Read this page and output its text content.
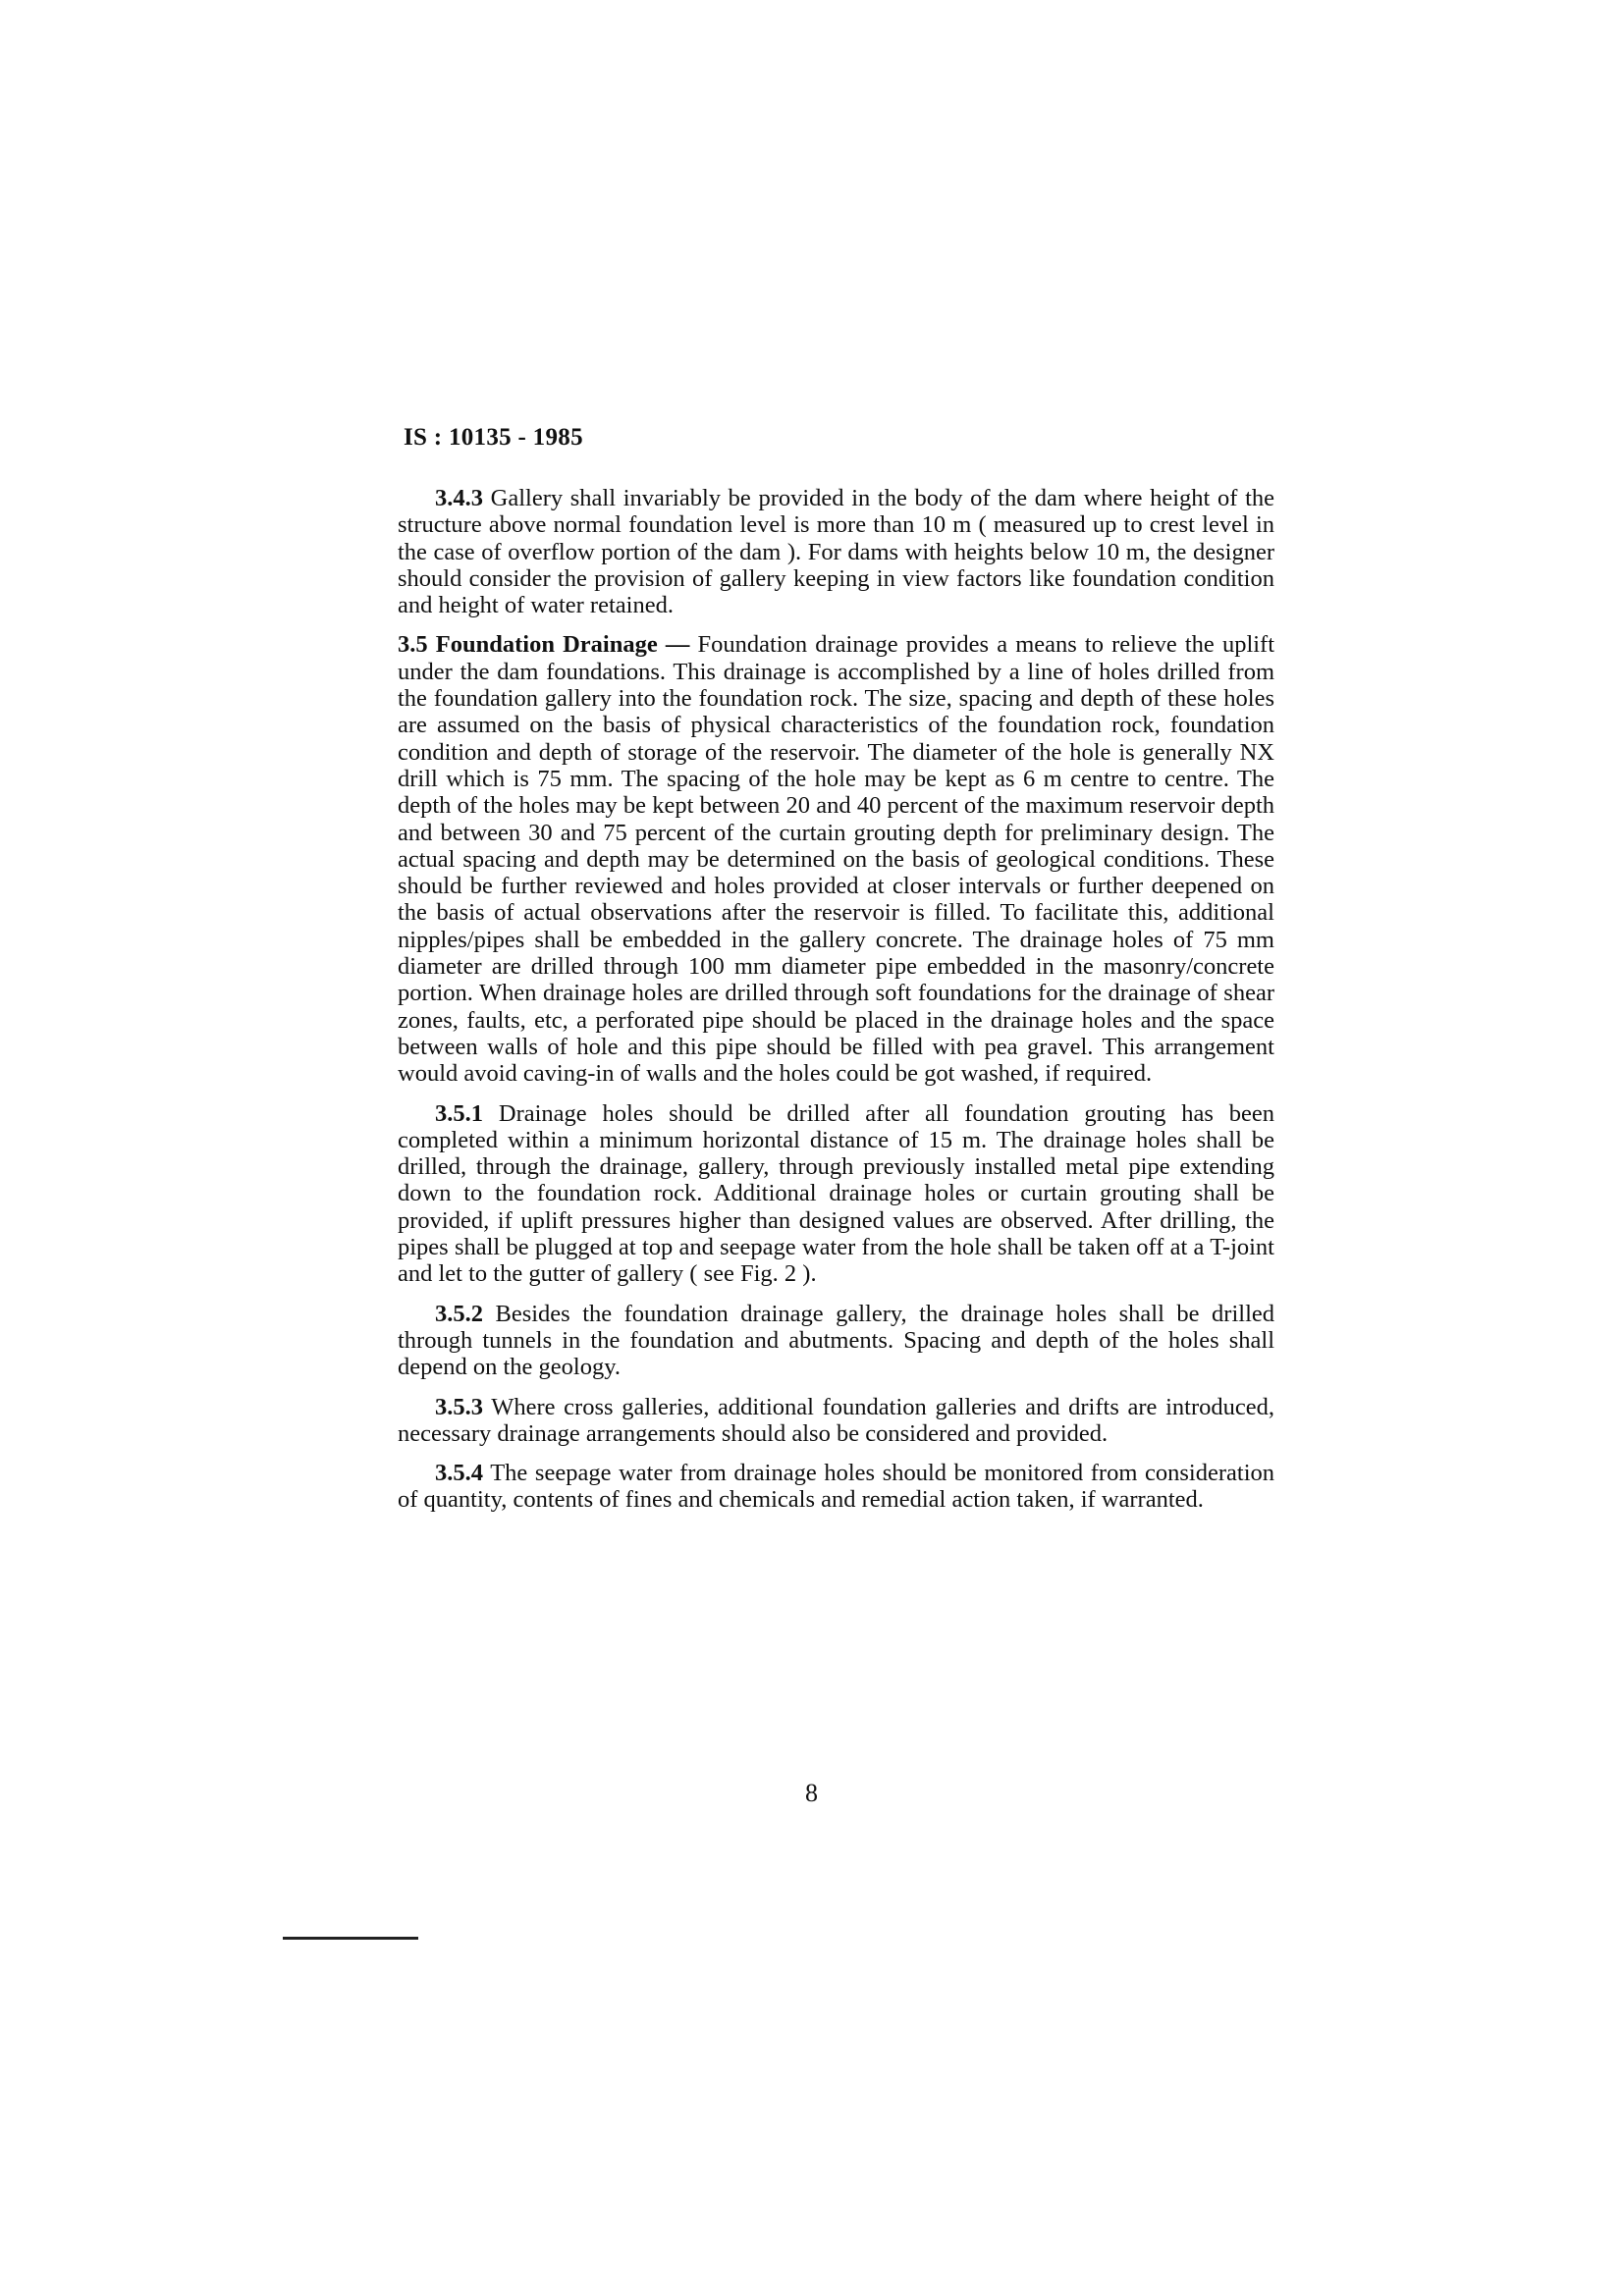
IS : 10135 - 1985

3.4.3 Gallery shall invariably be provided in the body of the dam where height of the structure above normal foundation level is more than 10 m ( measured up to crest level in the case of overflow portion of the dam ). For dams with heights below 10 m, the designer should consider the provision of gallery keeping in view factors like foundation condition and height of water retained.

3.5 Foundation Drainage — Foundation drainage provides a means to relieve the uplift under the dam foundations. This drainage is accomplished by a line of holes drilled from the foundation gallery into the foundation rock. The size, spacing and depth of these holes are assumed on the basis of physical characteristics of the foundation rock, foundation condition and depth of storage of the reservoir. The diameter of the hole is generally NX drill which is 75 mm. The spacing of the hole may be kept as 6 m centre to centre. The depth of the holes may be kept between 20 and 40 percent of the maximum reservoir depth and between 30 and 75 percent of the curtain grouting depth for preliminary design. The actual spacing and depth may be determined on the basis of geological conditions. These should be further reviewed and holes provided at closer intervals or further deepened on the basis of actual observations after the reservoir is filled. To facilitate this, additional nipples/pipes shall be embedded in the gallery concrete. The drainage holes of 75 mm diameter are drilled through 100 mm diameter pipe embedded in the masonry/concrete portion. When drainage holes are drilled through soft foundations for the drainage of shear zones, faults, etc, a perforated pipe should be placed in the drainage holes and the space between walls of hole and this pipe should be filled with pea gravel. This arrangement would avoid caving-in of walls and the holes could be got washed, if required.

3.5.1 Drainage holes should be drilled after all foundation grouting has been completed within a minimum horizontal distance of 15 m. The drainage holes shall be drilled, through the drainage, gallery, through previously installed metal pipe extending down to the foundation rock. Additional drainage holes or curtain grouting shall be provided, if uplift pressures higher than designed values are observed. After drilling, the pipes shall be plugged at top and seepage water from the hole shall be taken off at a T-joint and let to the gutter of gallery ( see Fig. 2 ).

3.5.2 Besides the foundation drainage gallery, the drainage holes shall be drilled through tunnels in the foundation and abutments. Spacing and depth of the holes shall depend on the geology.

3.5.3 Where cross galleries, additional foundation galleries and drifts are introduced, necessary drainage arrangements should also be considered and provided.

3.5.4 The seepage water from drainage holes should be monitored from consideration of quantity, contents of fines and chemicals and remedial action taken, if warranted.

8
